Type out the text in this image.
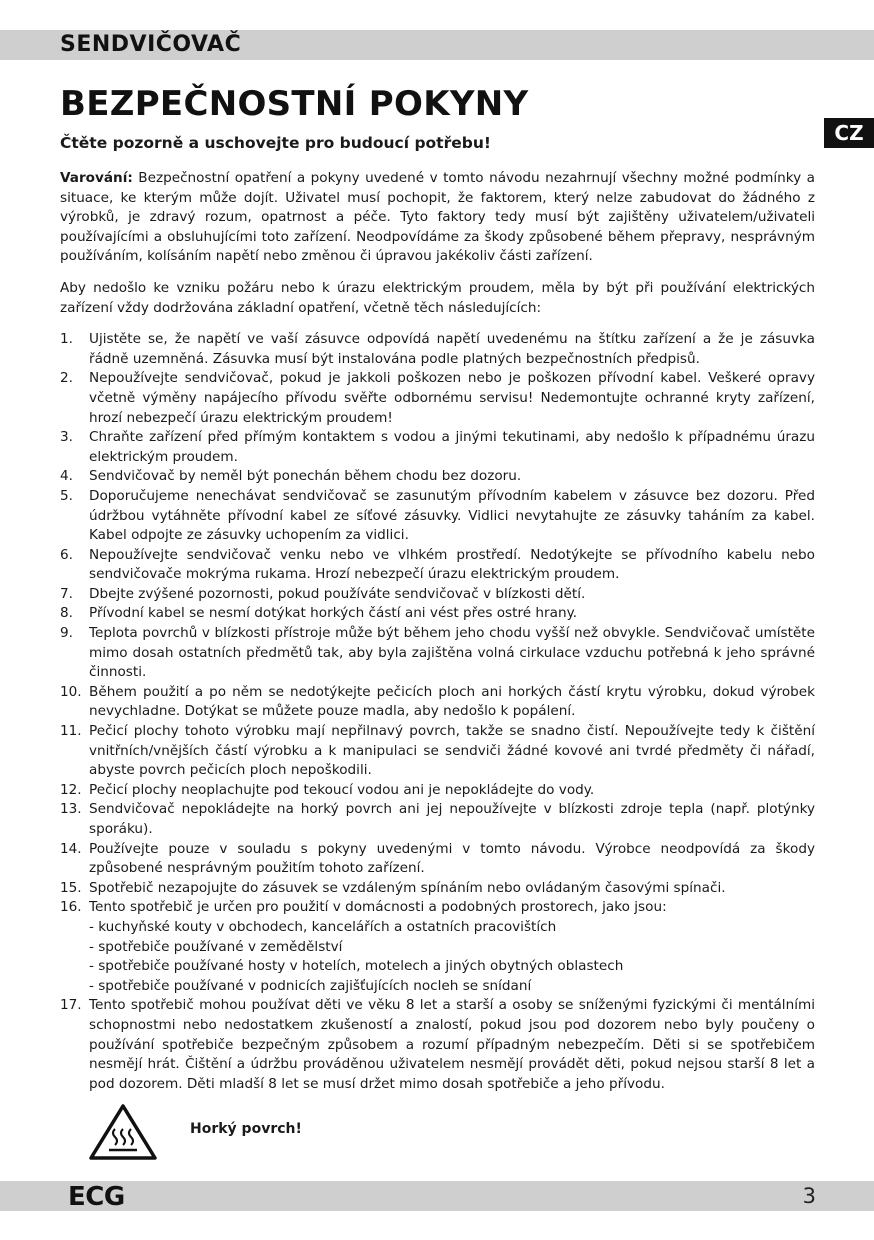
SENDVIČOVAČ
CZ
BEZPEČNOSTNÍ POKYNY
Čtěte pozorně a uschovejte pro budoucí potřebu!

Varování: Bezpečnostní opatření a pokyny uvedené v tomto návodu nezahrnují všechny možné podmínky a situace, ke kterým může dojít. Uživatel musí pochopit, že faktorem, který nelze zabudovat do žádného z výrobků, je zdravý rozum, opatrnost a péče. Tyto faktory tedy musí být zajištěny uživatelem/uživateli používajícími a obsluhujícími toto zařízení. Neodpovídáme za škody způsobené během přepravy, nesprávným používáním, kolísáním napětí nebo změnou či úpravou jakékoliv části zařízení.

Aby nedošlo ke vzniku požáru nebo k úrazu elektrickým proudem, měla by být při používání elektrických zařízení vždy dodržována základní opatření, včetně těch následujících:

1. Ujistěte se, že napětí ve vaší zásuvce odpovídá napětí uvedenému na štítku zařízení a že je zásuvka řádně uzemněná. Zásuvka musí být instalována podle platných bezpečnostních předpisů.
2. Nepoužívejte sendvičovač, pokud je jakkoli poškozen nebo je poškozen přívodní kabel. Veškeré opravy včetně výměny napájecího přívodu svěřte odbornému servisu! Nedemontujte ochranné kryty zařízení, hrozí nebezpečí úrazu elektrickým proudem!
3. Chraňte zařízení před přímým kontaktem s vodou a jinými tekutinami, aby nedošlo k případnému úrazu elektrickým proudem.
4. Sendvičovač by neměl být ponechán během chodu bez dozoru.
5. Doporučujeme nenechávat sendvičovač se zasunutým přívodním kabelem v zásuvce bez dozoru. Před údržbou vytáhněte přívodní kabel ze síťové zásuvky. Vidlici nevytahujte ze zásuvky taháním za kabel. Kabel odpojte ze zásuvky uchopením za vidlici.
6. Nepoužívejte sendvičovač venku nebo ve vlhkém prostředí. Nedotýkejte se přívodního kabelu nebo sendvičovače mokrýma rukama. Hrozí nebezpečí úrazu elektrickým proudem.
7. Dbejte zvýšené pozornosti, pokud používáte sendvičovač v blízkosti dětí.
8. Přívodní kabel se nesmí dotýkat horkých částí ani vést přes ostré hrany.
9. Teplota povrchů v blízkosti přístroje může být během jeho chodu vyšší než obvykle. Sendvičovač umístěte mimo dosah ostatních předmětů tak, aby byla zajištěna volná cirkulace vzduchu potřebná k jeho správné činnosti.
10. Během použití a po něm se nedotýkejte pečicích ploch ani horkých částí krytu výrobku, dokud výrobek nevychladne. Dotýkat se můžete pouze madla, aby nedošlo k popálení.
11. Pečicí plochy tohoto výrobku mají nepřilnavý povrch, takže se snadno čistí. Nepoužívejte tedy k čištění vnitřních/vnějších částí výrobku a k manipulaci se sendviči žádné kovové ani tvrdé předměty či nářadí, abyste povrch pečicích ploch nepoškodili.
12. Pečicí plochy neoplachujte pod tekoucí vodou ani je nepokládejte do vody.
13. Sendvičovač nepokládejte na horký povrch ani jej nepoužívejte v blízkosti zdroje tepla (např. plotýnky sporáku).
14. Používejte pouze v souladu s pokyny uvedenými v tomto návodu. Výrobce neodpovídá za škody způsobené nesprávným použitím tohoto zařízení.
15. Spotřebič nezapojujte do zásuvek se vzdáleným spínáním nebo ovládaným časovými spínači.
16. Tento spotřebič je určen pro použití v domácnosti a podobných prostorech, jako jsou:
- kuchyňské kouty v obchodech, kancelářích a ostatních pracovištích
- spotřebiče používané v zemědělství
- spotřebiče používané hosty v hotelích, motelech a jiných obytných oblastech
- spotřebiče používané v podnicích zajišťujících nocleh se snídaní
17. Tento spotřebič mohou používat děti ve věku 8 let a starší a osoby se sníženými fyzickými či mentálními schopnostmi nebo nedostatkem zkušeností a znalostí, pokud jsou pod dozorem nebo byly poučeny o používání spotřebiče bezpečným způsobem a rozumí případným nebezpečím. Děti si se spotřebičem nesmějí hrát. Čištění a údržbu prováděnou uživatelem nesmějí provádět děti, pokud nejsou starší 8 let a pod dozorem. Děti mladší 8 let se musí držet mimo dosah spotřebiče a jeho přívodu.
Horký povrch!
ECG	3
